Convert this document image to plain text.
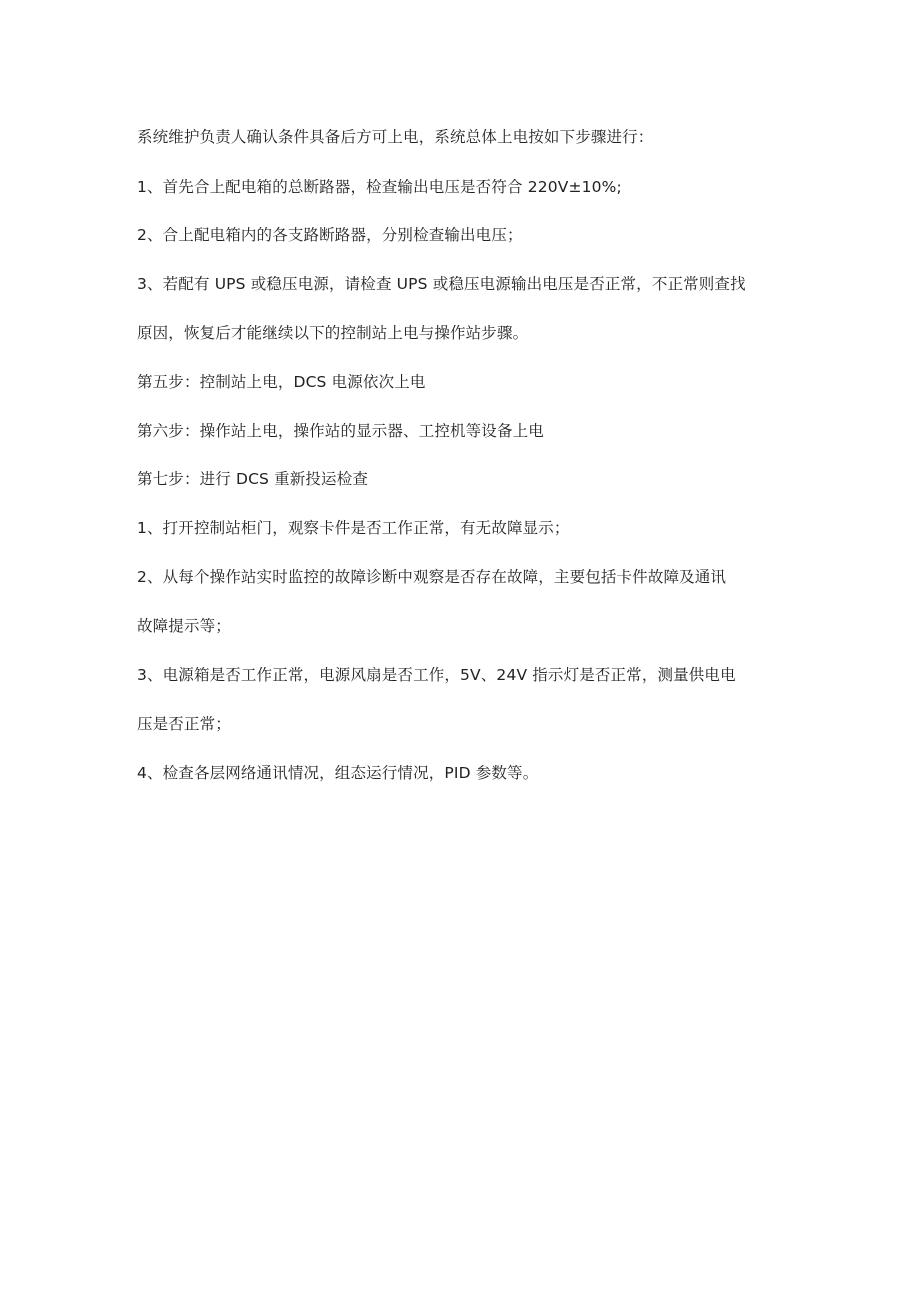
系统维护负责人确认条件具备后方可上电，系统总体上电按如下步骤进行：
1、首先合上配电箱的总断路器，检查输出电压是否符合 220V±10%;
2、合上配电箱内的各支路断路器，分别检查输出电压；
3、若配有 UPS 或稳压电源，请检查 UPS 或稳压电源输出电压是否正常，不正常则查找
原因，恢复后才能继续以下的控制站上电与操作站步骤。
第五步：控制站上电，DCS 电源依次上电
第六步：操作站上电，操作站的显示器、工控机等设备上电
第七步：进行 DCS 重新投运检查
1、打开控制站柜门，观察卡件是否工作正常，有无故障显示；
2、从每个操作站实时监控的故障诊断中观察是否存在故障，主要包括卡件故障及通讯
故障提示等；
3、电源箱是否工作正常，电源风扇是否工作，5V、24V 指示灯是否正常，测量供电电
压是否正常；
4、检查各层网络通讯情况，组态运行情况，PID 参数等。
